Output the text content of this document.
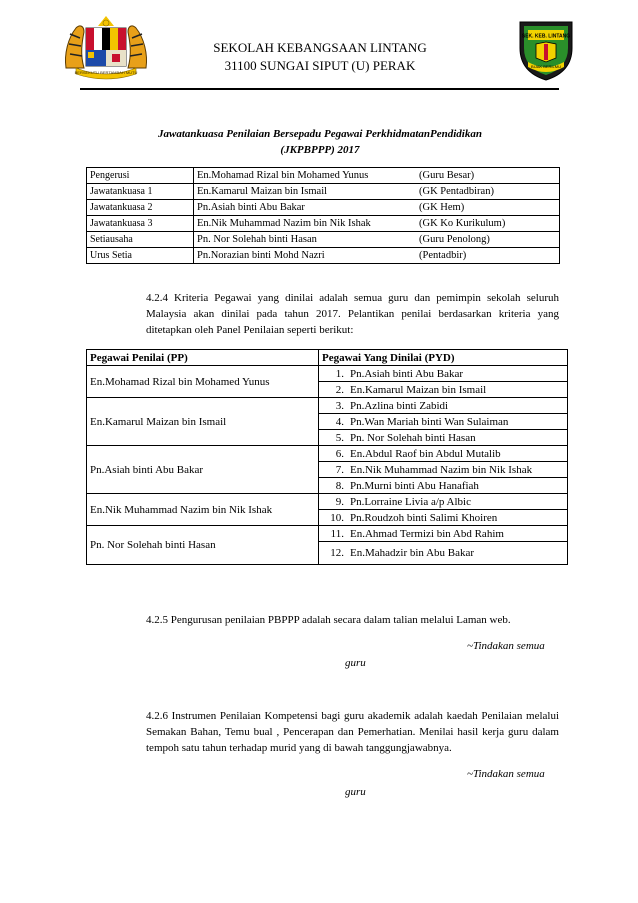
BERSEKUTU BERTAMBAH MUTU
SEKOLAH KEBANGSAAN LINTANG
31100 SUNGAI SIPUT (U) PERAK
SEK. KEB. LINTANG
BIJAK BERILMU
Jawatankuasa Penilaian Bersepadu Pegawai PerkhidmatanPendidikan
(JKPBPPP) 2017
Pengerusi	En.Mohamad Rizal bin Mohamed Yunus (Guru Besar)
Jawatankuasa 1	En.Kamarul Maizan bin Ismail (GK Pentadbiran)
Jawatankuasa 2	Pn.Asiah binti Abu Bakar (GK Hem)
Jawatankuasa 3	En.Nik Muhammad Nazim bin Nik Ishak (GK Ko Kurikulum)
Setiausaha	Pn. Nor Solehah binti Hasan (Guru Penolong)
Urus Setia	Pn.Norazian binti Mohd Nazri (Pentadbir)
4.2.4 Kriteria Pegawai yang dinilai adalah semua guru dan pemimpin sekolah seluruh Malaysia akan dinilai pada tahun 2017. Pelantikan penilai berdasarkan kriteria yang ditetapkan oleh Panel Penilaian seperti berikut:
Pegawai Penilai (PP)	Pegawai Yang Dinilai (PYD)
En.Mohamad Rizal bin Mohamed Yunus	1. Pn.Asiah binti Abu Bakar

	2. En.Kamarul Maizan bin Ismail

En.Kamarul Maizan bin Ismail	3. Pn.Azlina binti Zabidi

	4. Pn.Wan Mariah binti Wan Sulaiman

	5. Pn. Nor Solehah binti Hasan

Pn.Asiah binti Abu Bakar	6. En.Abdul Raof bin Abdul Mutalib

	7. En.Nik Muhammad Nazim bin Nik Ishak

	8. Pn.Murni binti Abu Hanafiah

En.Nik Muhammad Nazim bin Nik Ishak	9. Pn.Lorraine Livia a/p Albic

	10. Pn.Roudzoh binti Salimi Khoiren

Pn. Nor Solehah binti Hasan	11. En.Ahmad Termizi bin Abd Rahim

	12. En.Mahadzir bin Abu Bakar
4.2.5 Pengurusan penilaian PBPPP adalah secara dalam talian melalui Laman web.
~Tindakan semua
guru
4.2.6 Instrumen Penilaian Kompetensi bagi guru akademik adalah kaedah Penilaian melalui Semakan Bahan, Temu bual , Pencerapan dan Pemerhatian. Menilai hasil kerja guru dalam tempoh satu tahun terhadap murid yang di bawah tanggungjawabnya.
~Tindakan semua
guru
